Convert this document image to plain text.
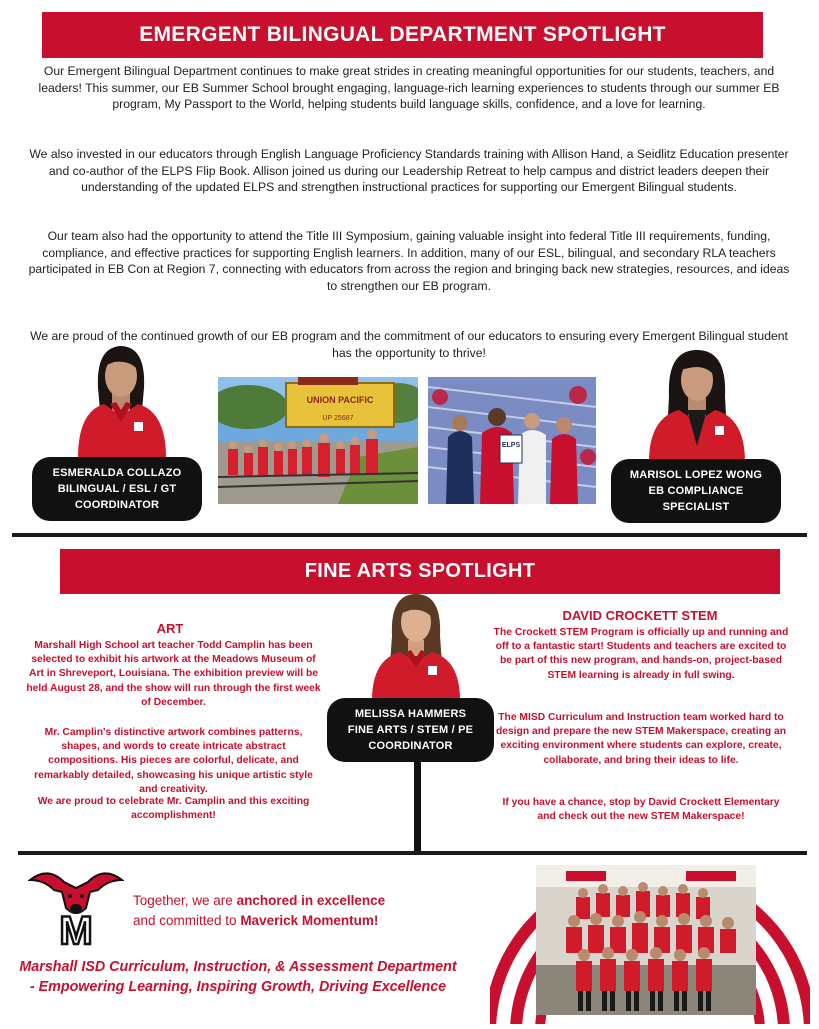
EMERGENT BILINGUAL DEPARTMENT SPOTLIGHT

Our Emergent Bilingual Department continues to make great strides in creating meaningful opportunities for our students, teachers, and leaders! This summer, our EB Summer School brought engaging, language-rich learning experiences to students through our summer EB program, My Passport to the World, helping students build language skills, confidence, and a love for learning.

We also invested in our educators through English Language Proficiency Standards training with Allison Hand, a Seidlitz Education presenter and co-author of the ELPS Flip Book. Allison joined us during our Leadership Retreat to help campus and district leaders deepen their understanding of the updated ELPS and strengthen instructional practices for supporting our Emergent Bilingual students.

Our team also had the opportunity to attend the Title III Symposium, gaining valuable insight into federal Title III requirements, funding, compliance, and effective practices for supporting English learners. In addition, many of our ESL, bilingual, and secondary RLA teachers participated in EB Con at Region 7, connecting with educators from across the region and bringing back new strategies, resources, and ideas to strengthen our EB program.

We are proud of the continued growth of our EB program and the commitment of our educators to ensuring every Emergent Bilingual student has the opportunity to thrive!

ESMERALDA COLLAZO
BILINGUAL / ESL / GT
COORDINATOR
UNION PACIFIC
UP 25687
ELPS
MARISOL LOPEZ WONG
EB COMPLIANCE
SPECIALIST
FINE ARTS SPOTLIGHT

ART

Marshall High School art teacher Todd Camplin has been selected to exhibit his artwork at the Meadows Museum of Art in Shreveport, Louisiana. The exhibition preview will be held August 28, and the show will run through the first week of December.

Mr. Camplin's distinctive artwork combines patterns, shapes, and words to create intricate abstract compositions. His pieces are colorful, delicate, and remarkably detailed, showcasing his unique artistic style and creativity.

We are proud to celebrate Mr. Camplin and this exciting accomplishment!

MELISSA HAMMERS
FINE ARTS / STEM / PE
COORDINATOR

DAVID CROCKETT STEM

The Crockett STEM Program is officially up and running and off to a fantastic start! Students and teachers are excited to be part of this new program, and hands-on, project-based STEM learning is already in full swing.

The MISD Curriculum and Instruction team worked hard to design and prepare the new STEM Makerspace, creating an exciting environment where students can explore, create, collaborate, and bring their ideas to life.

If you have a chance, stop by David Crockett Elementary and check out the new STEM Makerspace!

M

Together, we are anchored in excellence
and committed to Maverick Momentum!

Marshall ISD Curriculum, Instruction, & Assessment Department - Empowering Learning, Inspiring Growth, Driving Excellence
